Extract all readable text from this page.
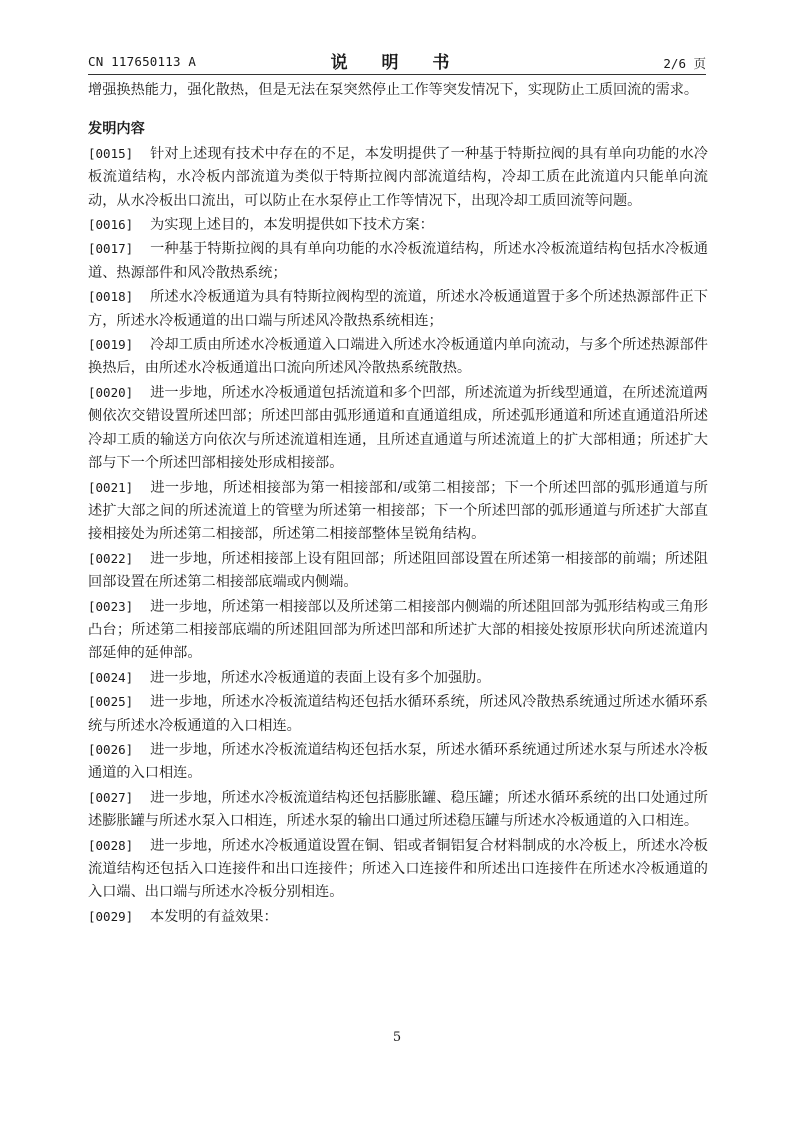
CN 117650113 A	说 明 书	2/6 页

增强换热能力，强化散热，但是无法在泵突然停止工作等突发情况下，实现防止工质回流的需求。

发明内容

[0015] 针对上述现有技术中存在的不足，本发明提供了一种基于特斯拉阀的具有单向功能的水冷板流道结构，水冷板内部流道为类似于特斯拉阀内部流道结构，冷却工质在此流道内只能单向流动，从水冷板出口流出，可以防止在水泵停止工作等情况下，出现冷却工质回流等问题。

[0016] 为实现上述目的，本发明提供如下技术方案：

[0017] 一种基于特斯拉阀的具有单向功能的水冷板流道结构，所述水冷板流道结构包括水冷板通道、热源部件和风冷散热系统；

[0018] 所述水冷板通道为具有特斯拉阀构型的流道，所述水冷板通道置于多个所述热源部件正下方，所述水冷板通道的出口端与所述风冷散热系统相连；

[0019] 冷却工质由所述水冷板通道入口端进入所述水冷板通道内单向流动，与多个所述热源部件换热后，由所述水冷板通道出口流向所述风冷散热系统散热。

[0020] 进一步地，所述水冷板通道包括流道和多个凹部，所述流道为折线型通道，在所述流道两侧依次交错设置所述凹部；所述凹部由弧形通道和直通道组成，所述弧形通道和所述直通道沿所述冷却工质的输送方向依次与所述流道相连通，且所述直通道与所述流道上的扩大部相通；所述扩大部与下一个所述凹部相接处形成相接部。

[0021] 进一步地，所述相接部为第一相接部和/或第二相接部；下一个所述凹部的弧形通道与所述扩大部之间的所述流道上的管壁为所述第一相接部；下一个所述凹部的弧形通道与所述扩大部直接相接处为所述第二相接部，所述第二相接部整体呈锐角结构。

[0022] 进一步地，所述相接部上设有阻回部；所述阻回部设置在所述第一相接部的前端；所述阻回部设置在所述第二相接部底端或内侧端。

[0023] 进一步地，所述第一相接部以及所述第二相接部内侧端的所述阻回部为弧形结构或三角形凸台；所述第二相接部底端的所述阻回部为所述凹部和所述扩大部的相接处按原形状向所述流道内部延伸的延伸部。

[0024] 进一步地，所述水冷板通道的表面上设有多个加强肋。

[0025] 进一步地，所述水冷板流道结构还包括水循环系统，所述风冷散热系统通过所述水循环系统与所述水冷板通道的入口相连。

[0026] 进一步地，所述水冷板流道结构还包括水泵，所述水循环系统通过所述水泵与所述水冷板通道的入口相连。

[0027] 进一步地，所述水冷板流道结构还包括膨胀罐、稳压罐；所述水循环系统的出口处通过所述膨胀罐与所述水泵入口相连，所述水泵的输出口通过所述稳压罐与所述水冷板通道的入口相连。

[0028] 进一步地，所述水冷板通道设置在铜、铝或者铜铝复合材料制成的水冷板上，所述水冷板流道结构还包括入口连接件和出口连接件；所述入口连接件和所述出口连接件在所述水冷板通道的入口端、出口端与所述水冷板分别相连。

[0029] 本发明的有益效果：

5
